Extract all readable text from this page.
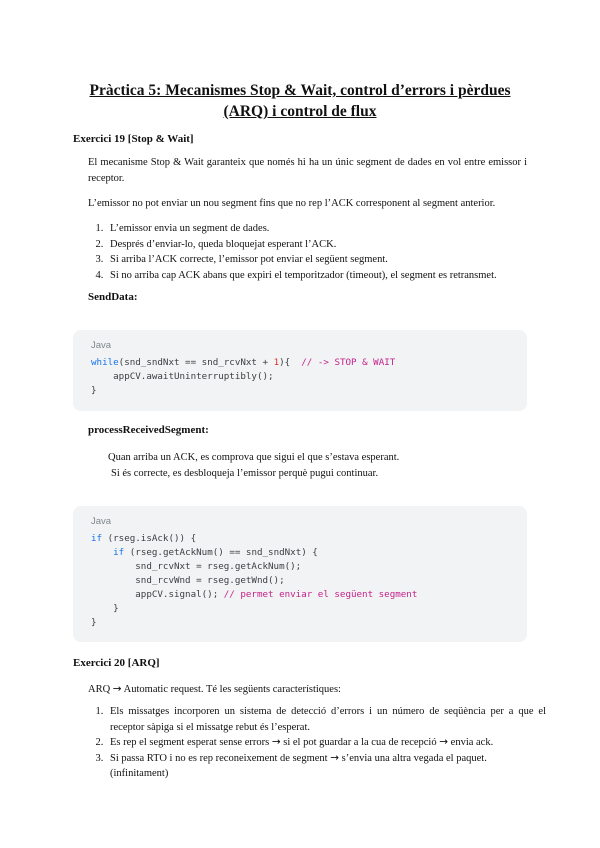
Pràctica 5: Mecanismes Stop & Wait, control d’errors i pèrdues
(ARQ) i control de flux
Exercici 19 [Stop & Wait]
El mecanisme Stop & Wait garanteix que només hi ha un únic segment de dades en vol entre emissor i receptor.
L’emissor no pot enviar un nou segment fins que no rep l’ACK corresponent al segment anterior.
1. L’emissor envia un segment de dades.
2. Després d’enviar-lo, queda bloquejat esperant l’ACK.
3. Si arriba l’ACK correcte, l’emissor pot enviar el següent segment.
4. Si no arriba cap ACK abans que expiri el temporitzador (timeout), el segment es retransmet.
SendData:
Java
while(snd_sndNxt == snd_rcvNxt + 1){  // -> STOP & WAIT
appCV.awaitUninterruptibly();
}
processReceivedSegment:
Quan arriba un ACK, es comprova que sigui el que s’estava esperant.
Si és correcte, es desbloqueja l’emissor perquè pugui continuar.
Java
if (rseg.isAck()) {
if (rseg.getAckNum() == snd_sndNxt) {
snd_rcvNxt = rseg.getAckNum();
snd_rcvWnd = rseg.getWnd();
appCV.signal(); // permet enviar el següent segment
}
}
Exercici 20 [ARQ]
ARQ → Automatic request. Té les següents característiques:
1. Els missatges incorporen un sistema de detecció d’errors i un número de seqüència per a que el receptor sàpiga si el missatge rebut és l’esperat.
2. Es rep el segment esperat sense errors → si el pot guardar a la cua de recepció → envia ack.
3. Si passa RTO i no es rep reconeixement de segment → s’envia una altra vegada el paquet. (infinitament)
